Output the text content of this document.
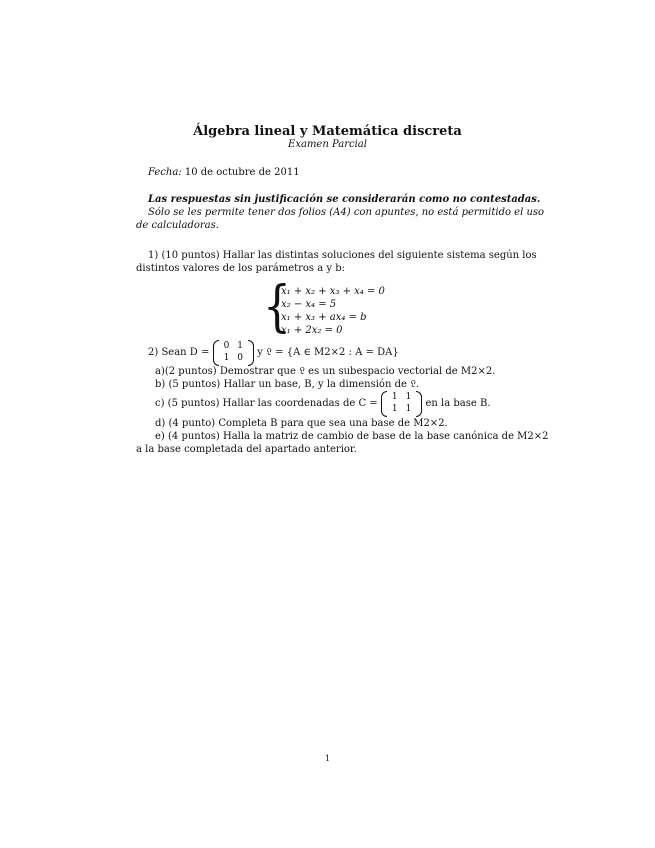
Álgebra lineal y Matemática discreta
Examen Parcial
Fecha: 10 de octubre de 2011
Las respuestas sin justificación se considerarán como no contestadas.
Sólo se les permite tener dos folios (A4) con apuntes, no está permitido el uso
de calculadoras.
1) (10 puntos) Hallar las distintas soluciones del siguiente sistema según los
distintos valores de los parámetros a y b:
{
x₁ + x₂ + x₃ + x₄ = 0
x₂ − x₄ = 5
x₁ + x₃ + ax₄ = b
x₁ + 2x₂ = 0
2) Sean D =
0	1
1	0 y 𝔏 = {A ∈ M2×2 : A = DA}
a)(2 puntos) Demostrar que 𝔏 es un subespacio vectorial de M2×2.
b) (5 puntos) Hallar un base, B, y la dimensión de 𝔏.
c) (5 puntos) Hallar las coordenadas de C =
1	1
1	1 en la base B.
d) (4 punto) Completa B para que sea una base de M2×2.
e) (4 puntos) Halla la matriz de cambio de base de la base canónica de M2×2
a la base completada del apartado anterior.
1
